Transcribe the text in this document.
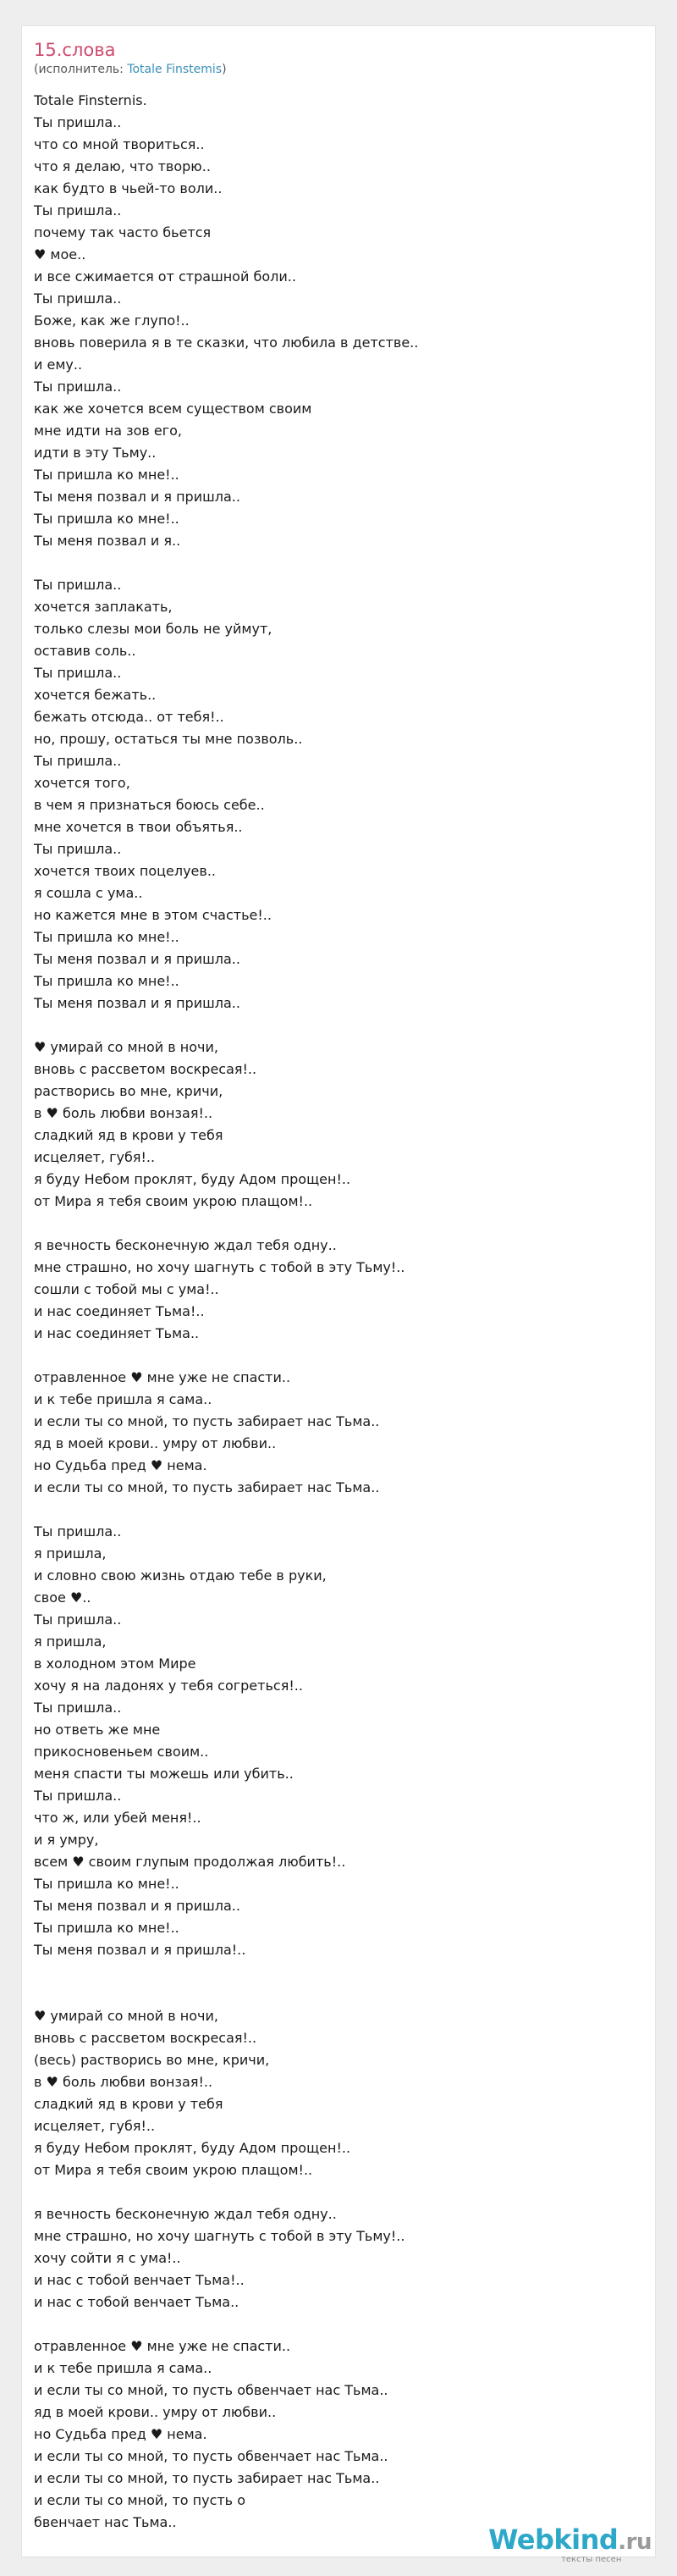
15.слова
(исполнитель: Totale Finstemis)
Totale Finsternis.
Ты пришла..
что со мной твориться..
что я делаю, что творю..
как будто в чьей-то воли..
Ты пришла..
почему так часто бьется
♥ мое..
и все сжимается от страшной боли..
Ты пришла..
Боже, как же глупо!..
вновь поверила я в те сказки, что любила в детстве..
и ему..
Ты пришла..
как же хочется всем существом своим
мне идти на зов его,
идти в эту Тьму..
Ты пришла ко мне!..
Ты меня позвал и я пришла..
Ты пришла ко мне!..
Ты меня позвал и я..
Ты пришла..
хочется заплакать,
только слезы мои боль не уймут,
оставив соль..
Ты пришла..
хочется бежать..
бежать отсюда.. от тебя!..
но, прошу, остаться ты мне позволь..
Ты пришла..
хочется того,
в чем я признаться боюсь себе..
мне хочется в твои объятья..
Ты пришла..
хочется твоих поцелуев..
я сошла с ума..
но кажется мне в этом счастье!..
Ты пришла ко мне!..
Ты меня позвал и я пришла..
Ты пришла ко мне!..
Ты меня позвал и я пришла..
♥ умирай со мной в ночи,
вновь с рассветом воскресая!..
растворись во мне, кричи,
в ♥ боль любви вонзая!..
сладкий яд в крови у тебя
исцеляет, губя!..
я буду Небом проклят, буду Адом прощен!..
от Мира я тебя своим укрою плащом!..
я вечность бесконечную ждал тебя одну..
мне страшно, но хочу шагнуть с тобой в эту Тьму!..
сошли с тобой мы с ума!..
и нас соединяет Тьма!..
и нас соединяет Тьма..
отравленное ♥ мне уже не спасти..
и к тебе пришла я сама..
и если ты со мной, то пусть забирает нас Тьма..
яд в моей крови.. умру от любви..
но Судьба пред ♥ нема.
и если ты со мной, то пусть забирает нас Тьма..
Ты пришла..
я пришла,
и словно свою жизнь отдаю тебе в руки,
свое ♥..
Ты пришла..
я пришла,
в холодном этом Мире
хочу я на ладонях у тебя согреться!..
Ты пришла..
но ответь же мне
прикосновеньем своим..
меня спасти ты можешь или убить..
Ты пришла..
что ж, или убей меня!..
и я умру,
всем ♥ своим глупым продолжая любить!..
Ты пришла ко мне!..
Ты меня позвал и я пришла..
Ты пришла ко мне!..
Ты меня позвал и я пришла!..
♥ умирай со мной в ночи,
вновь с рассветом воскресая!..
(весь) растворись во мне, кричи,
в ♥ боль любви вонзая!..
сладкий яд в крови у тебя
исцеляет, губя!..
я буду Небом проклят, буду Адом прощен!..
от Мира я тебя своим укрою плащом!..
я вечность бесконечную ждал тебя одну..
мне страшно, но хочу шагнуть с тобой в эту Тьму!..
хочу сойти я с ума!..
и нас с тобой венчает Тьма!..
и нас с тобой венчает Тьма..
отравленное ♥ мне уже не спасти..
и к тебе пришла я сама..
и если ты со мной, то пусть обвенчает нас Тьма..
яд в моей крови.. умру от любви..
но Судьба пред ♥ нема.
и если ты со мной, то пусть обвенчает нас Тьма..
и если ты со мной, то пусть забирает нас Тьма..
и если ты со мной, то пусть о
бвенчает нас Тьма..
Webkind.ru
тексты песен
